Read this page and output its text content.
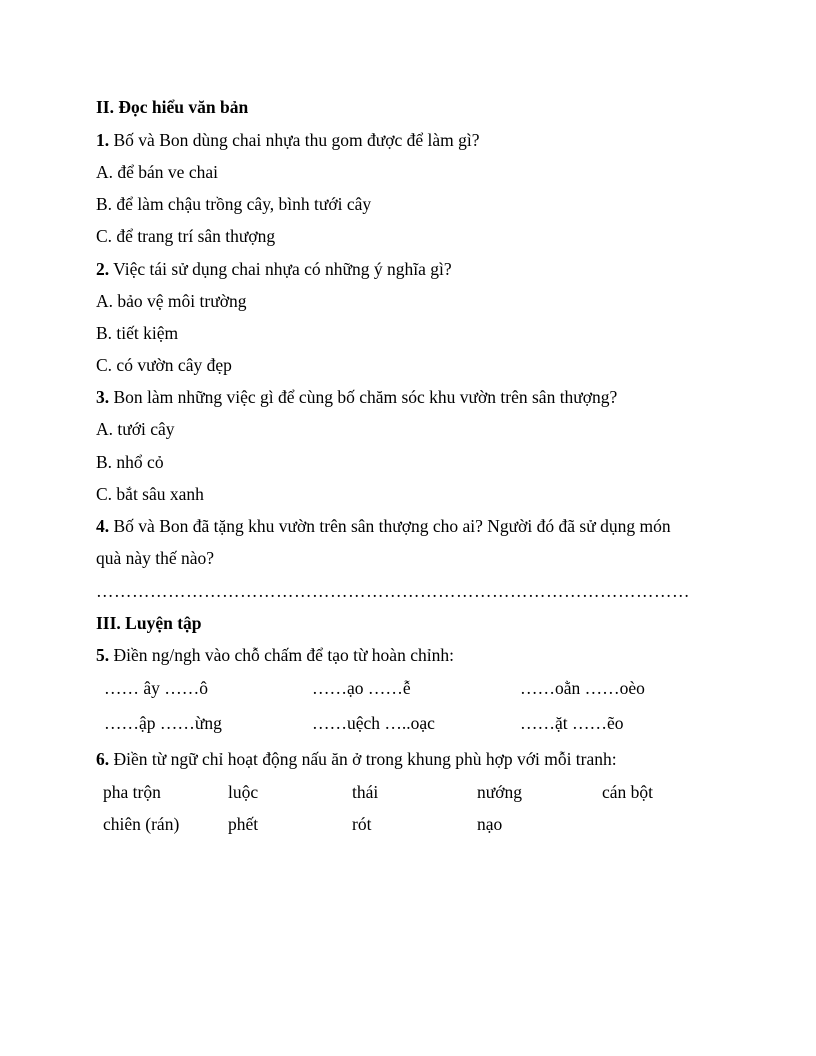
II. Đọc hiểu văn bản
1. Bố và Bon dùng chai nhựa thu gom được để làm gì?
A. để bán ve chai
B. để làm chậu trồng cây, bình tưới cây
C. để trang trí sân thượng
2. Việc tái sử dụng chai nhựa có những ý nghĩa gì?
A. bảo vệ môi trường
B. tiết kiệm
C. có vườn cây đẹp
3. Bon làm những việc gì để cùng bố chăm sóc khu vườn trên sân thượng?
A. tưới cây
B. nhổ cỏ
C. bắt sâu xanh
4. Bố và Bon đã tặng khu vườn trên sân thượng cho ai? Người đó đã sử dụng món
quà này thế nào?
………………………………………………………………………………………
III. Luyện tập
5. Điền ng/ngh vào chỗ chấm để tạo từ hoàn chỉnh:
…… ây ……ô	……ạo ……ễ	……oằn ……oèo
……ập ……ừng	……uệch …..oạc	……ặt ……ẽo
6. Điền từ ngữ chỉ hoạt động nấu ăn ở trong khung phù hợp với mỗi tranh:
pha trộn	luộc	thái	nướng	cán bột
chiên (rán)	phết	rót	nạo
